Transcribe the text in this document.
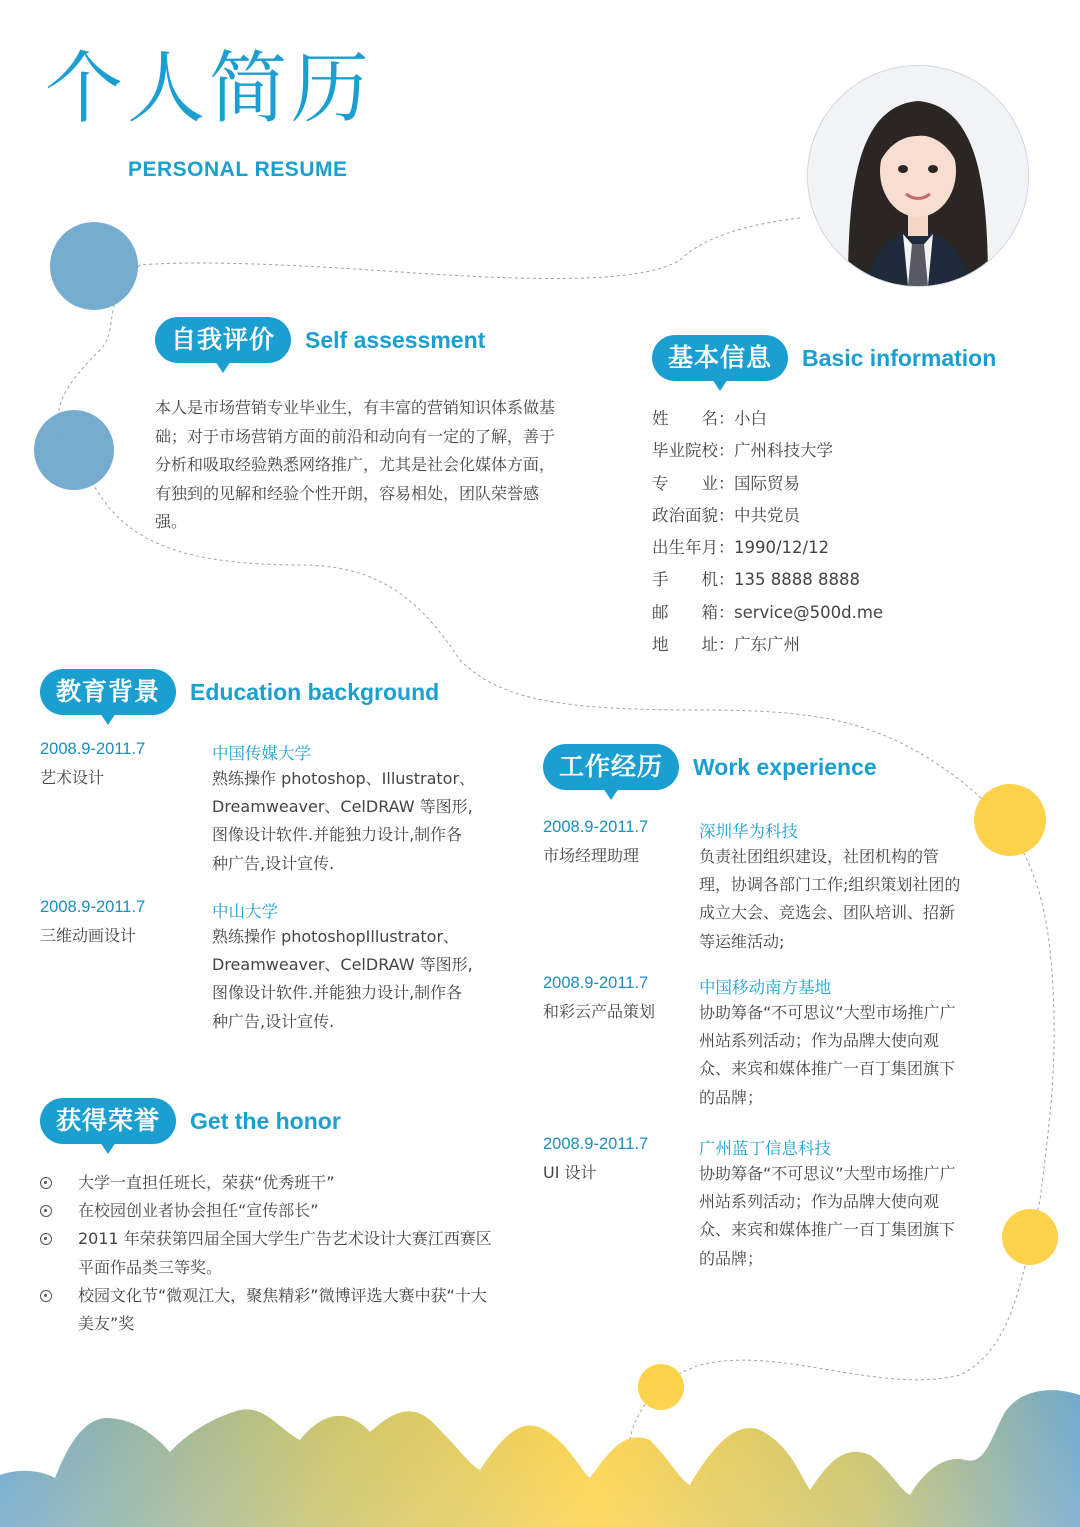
个人简历
PERSONAL RESUME
自我评价	Self assessment
本人是市场营销专业毕业生，有丰富的营销知识体系做基础；对于市场营销方面的前沿和动向有一定的了解，善于分析和吸取经验熟悉网络推广，尤其是社会化媒体方面，有独到的见解和经验个性开朗，容易相处，团队荣誉感强。
基本信息	Basic information
姓　　名： 小白
毕业院校： 广州科技大学
专　　业： 国际贸易
政治面貌： 中共党员
出生年月： 1990/12/12
手　　机： 135 8888 8888
邮　　箱： service@500d.me
地　　址： 广东广州
教育背景	Education background
2008.9-2011.7
艺术设计
中国传媒大学
熟练操作 photoshop、Illustrator、Dreamweaver、CelDRAW 等图形,图像设计软件.并能独力设计,制作各种广告,设计宣传.
2008.9-2011.7
三维动画设计
中山大学
熟练操作 photoshopIllustrator、Dreamweaver、CelDRAW 等图形,图像设计软件.并能独力设计,制作各种广告,设计宣传.
工作经历	Work experience
2008.9-2011.7
市场经理助理
深圳华为科技
负责社团组织建设，社团机构的管理，协调各部门工作;组织策划社团的成立大会、竞选会、团队培训、招新等运维活动;
2008.9-2011.7
和彩云产品策划
中国移动南方基地
协助筹备“不可思议”大型市场推广广州站系列活动；作为品牌大使向观众、来宾和媒体推广一百丁集团旗下的品牌；
2008.9-2011.7
UI 设计
广州蓝丁信息科技
协助筹备“不可思议”大型市场推广广州站系列活动；作为品牌大使向观众、来宾和媒体推广一百丁集团旗下的品牌；
获得荣誉	Get the honor
大学一直担任班长，荣获“优秀班干”
在校园创业者协会担任“宣传部长”
2011 年荣获第四届全国大学生广告艺术设计大赛江西赛区平面作品类三等奖。
校园文化节“微观江大，聚焦精彩”微博评选大赛中获“十大美友”奖
